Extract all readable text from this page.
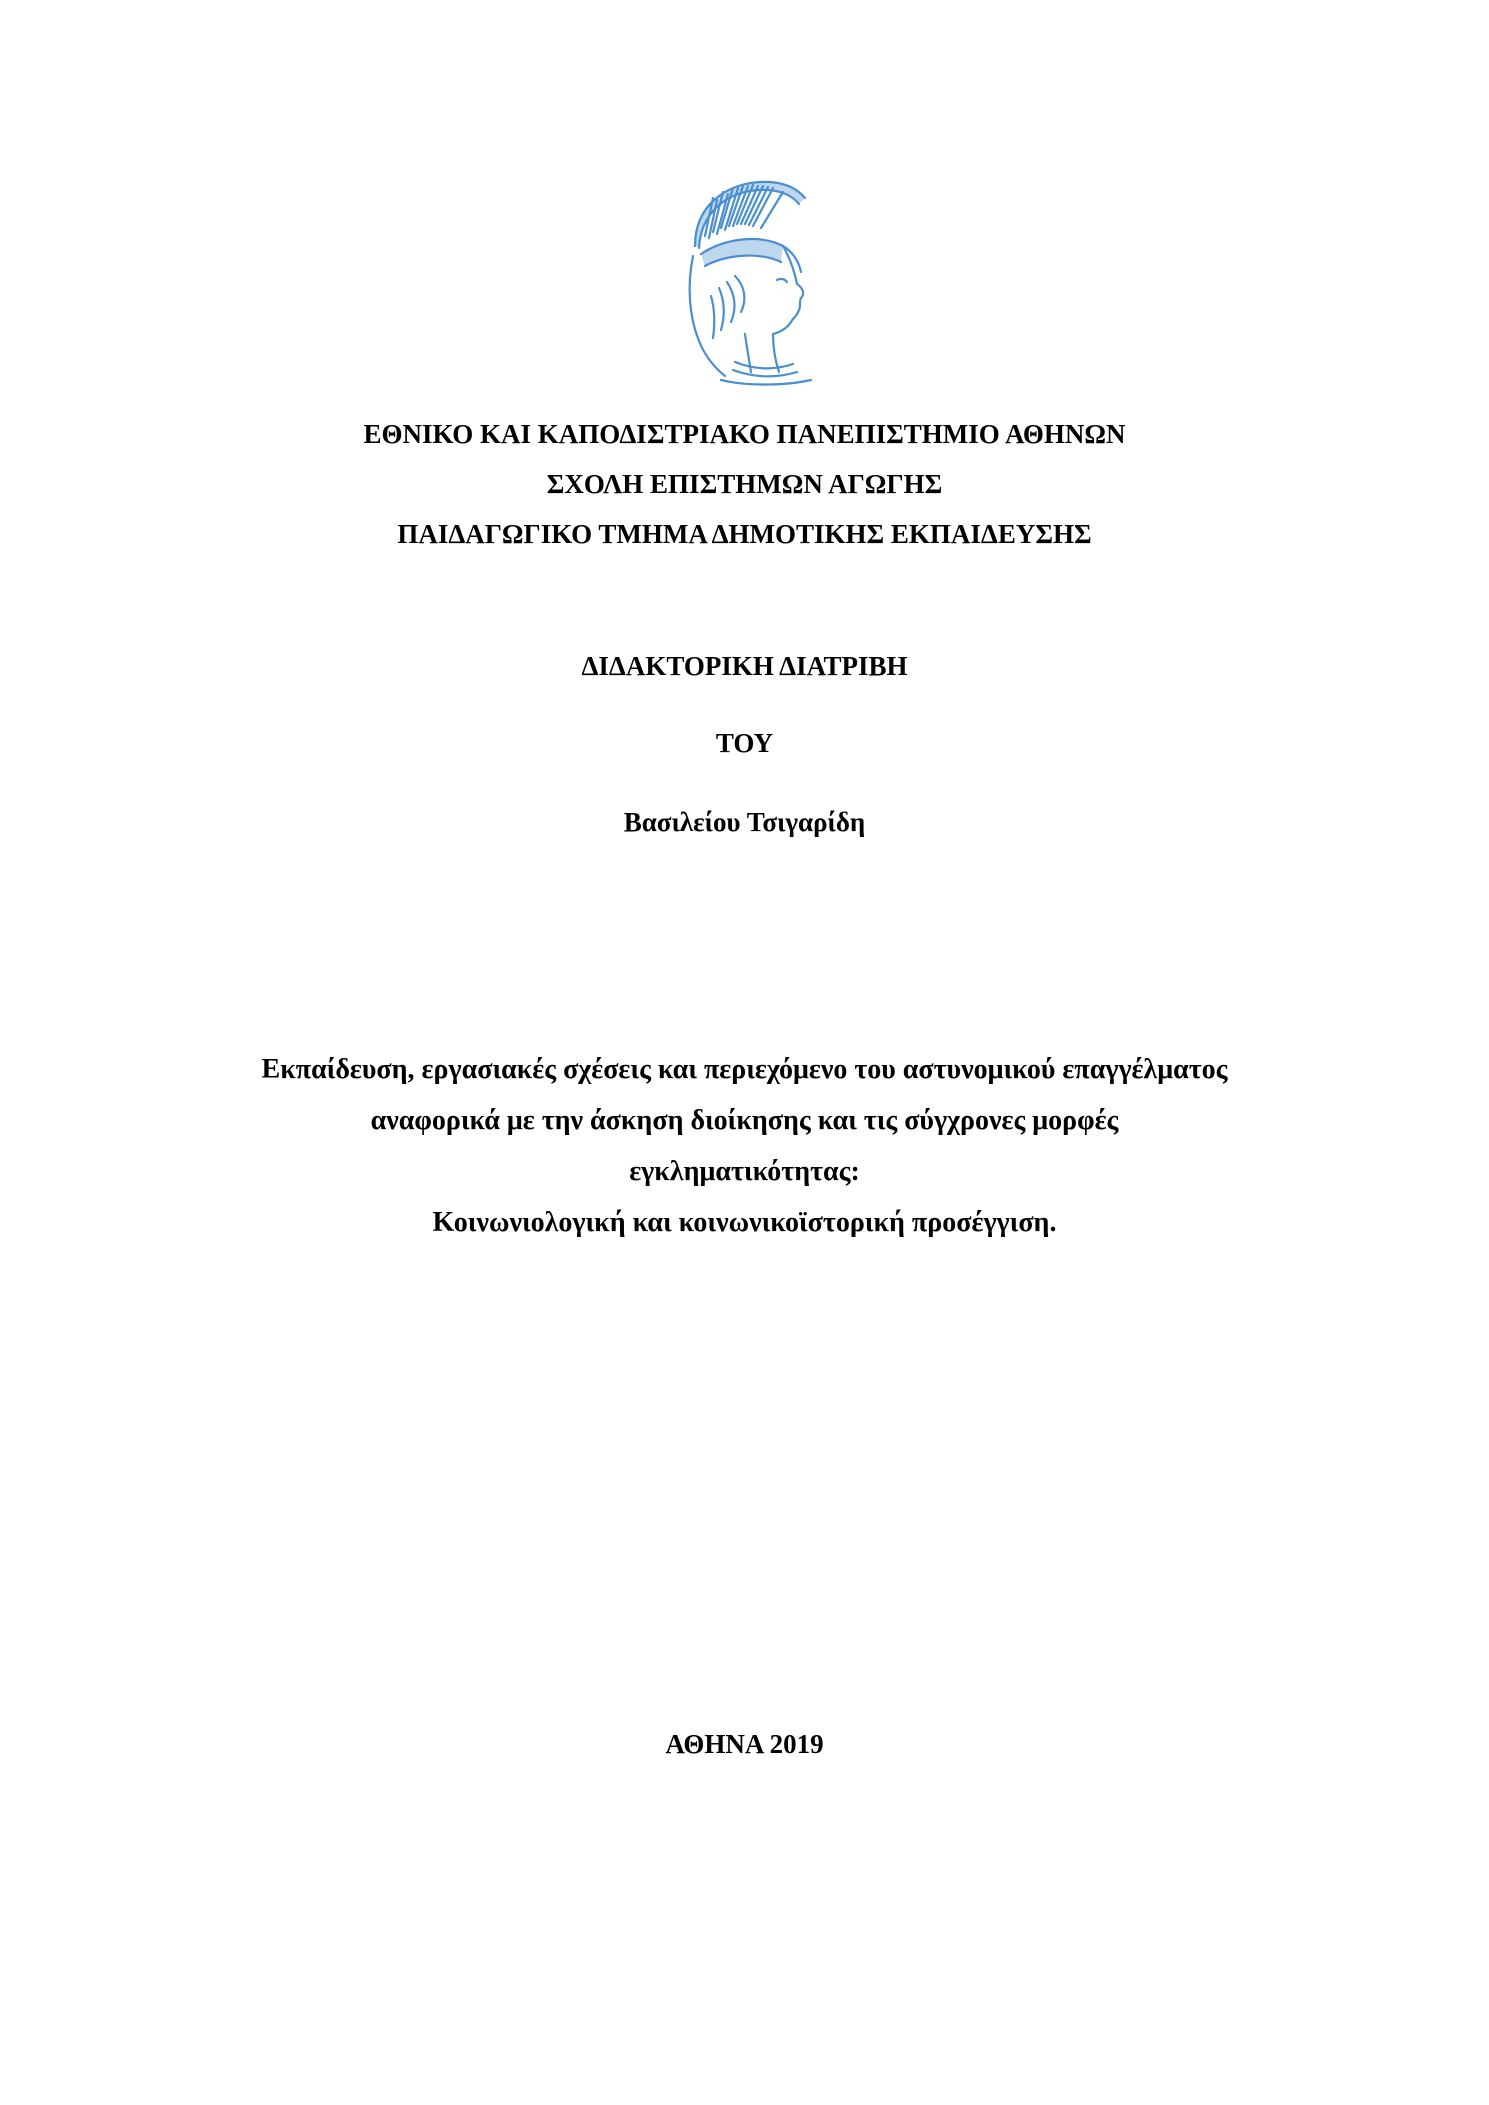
ΕΘΝΙΚΟ ΚΑΙ ΚΑΠΟΔΙΣΤΡΙΑΚΟ ΠΑΝΕΠΙΣΤΗΜΙΟ ΑΘΗΝΩΝ
ΣΧΟΛΗ ΕΠΙΣΤΗΜΩΝ ΑΓΩΓΗΣ
ΠΑΙΔΑΓΩΓΙΚΟ ΤΜΗΜΑ ΔΗΜΟΤΙΚΗΣ ΕΚΠΑΙΔΕΥΣΗΣ
ΔΙΔΑΚΤΟΡΙΚΗ ΔΙΑΤΡΙΒΗ
ΤΟΥ
Βασιλείου Τσιγαρίδη
Εκπαίδευση, εργασιακές σχέσεις και περιεχόμενο του αστυνομικού επαγγέλματος
αναφορικά με την άσκηση διοίκησης και τις σύγχρονες μορφές
εγκληματικότητας:
Κοινωνιολογική και κοινωνικοϊστορική προσέγγιση.
ΑΘΗΝΑ 2019
